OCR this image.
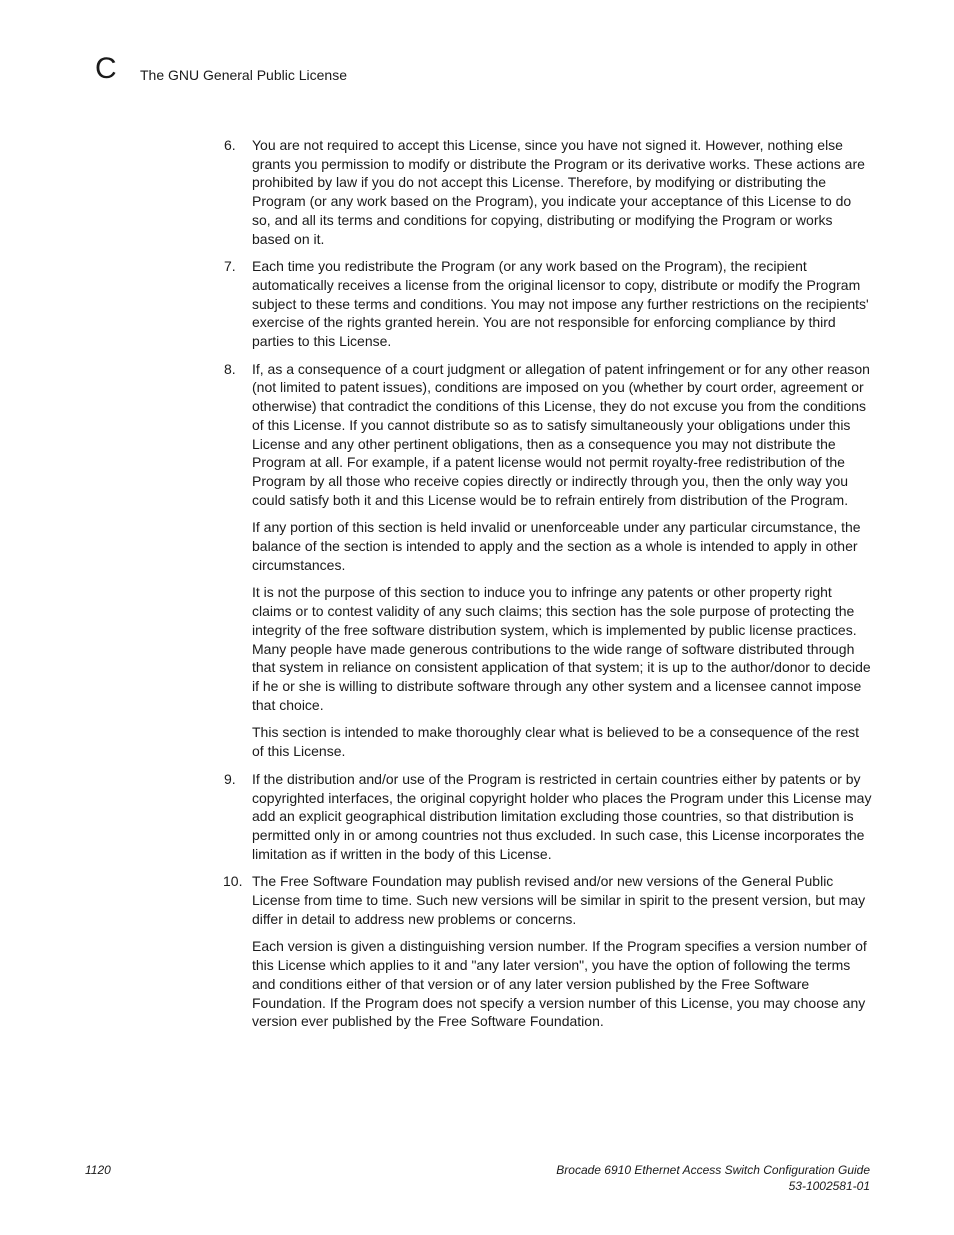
C The GNU General Public License
6. You are not required to accept this License, since you have not signed it. However, nothing else grants you permission to modify or distribute the Program or its derivative works. These actions are prohibited by law if you do not accept this License. Therefore, by modifying or distributing the Program (or any work based on the Program), you indicate your acceptance of this License to do so, and all its terms and conditions for copying, distributing or modifying the Program or works based on it.
7. Each time you redistribute the Program (or any work based on the Program), the recipient automatically receives a license from the original licensor to copy, distribute or modify the Program subject to these terms and conditions. You may not impose any further restrictions on the recipients' exercise of the rights granted herein. You are not responsible for enforcing compliance by third parties to this License.
8. If, as a consequence of a court judgment or allegation of patent infringement or for any other reason (not limited to patent issues), conditions are imposed on you (whether by court order, agreement or otherwise) that contradict the conditions of this License, they do not excuse you from the conditions of this License. If you cannot distribute so as to satisfy simultaneously your obligations under this License and any other pertinent obligations, then as a consequence you may not distribute the Program at all. For example, if a patent license would not permit royalty-free redistribution of the Program by all those who receive copies directly or indirectly through you, then the only way you could satisfy both it and this License would be to refrain entirely from distribution of the Program.
If any portion of this section is held invalid or unenforceable under any particular circumstance, the balance of the section is intended to apply and the section as a whole is intended to apply in other circumstances.
It is not the purpose of this section to induce you to infringe any patents or other property right claims or to contest validity of any such claims; this section has the sole purpose of protecting the integrity of the free software distribution system, which is implemented by public license practices. Many people have made generous contributions to the wide range of software distributed through that system in reliance on consistent application of that system; it is up to the author/donor to decide if he or she is willing to distribute software through any other system and a licensee cannot impose that choice.
This section is intended to make thoroughly clear what is believed to be a consequence of the rest of this License.
9. If the distribution and/or use of the Program is restricted in certain countries either by patents or by copyrighted interfaces, the original copyright holder who places the Program under this License may add an explicit geographical distribution limitation excluding those countries, so that distribution is permitted only in or among countries not thus excluded. In such case, this License incorporates the limitation as if written in the body of this License.
10. The Free Software Foundation may publish revised and/or new versions of the General Public License from time to time. Such new versions will be similar in spirit to the present version, but may differ in detail to address new problems or concerns.
Each version is given a distinguishing version number. If the Program specifies a version number of this License which applies to it and "any later version", you have the option of following the terms and conditions either of that version or of any later version published by the Free Software Foundation. If the Program does not specify a version number of this License, you may choose any version ever published by the Free Software Foundation.
1120	Brocade 6910 Ethernet Access Switch Configuration Guide
53-1002581-01
